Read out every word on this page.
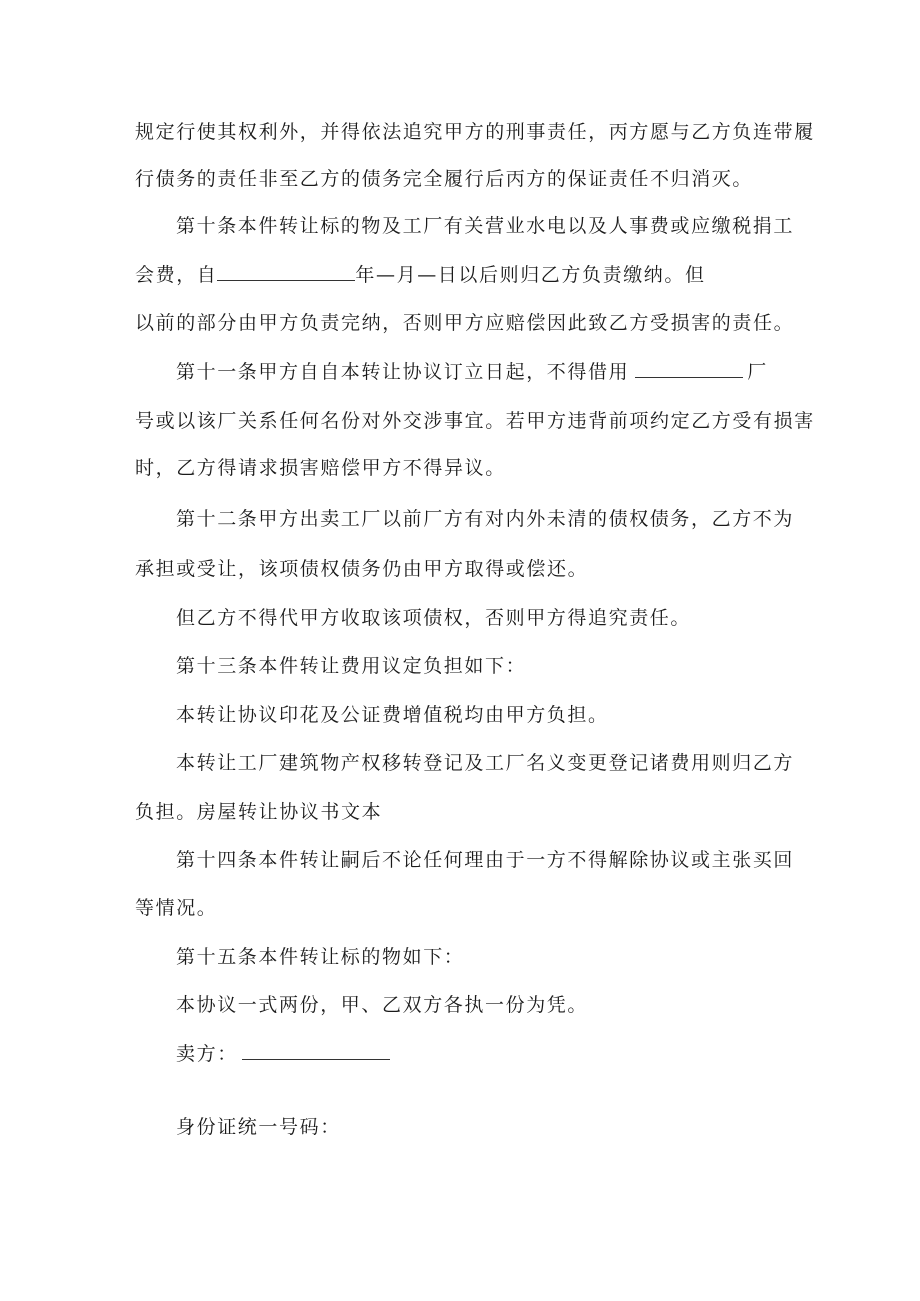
规定行使其权利外，并得依法追究甲方的刑事责任，丙方愿与乙方负连带履
行债务的责任非至乙方的债务完全履行后丙方的保证责任不归消灭。
第十条本件转让标的物及工厂有关营业水电以及人事费或应缴税捐工
会费，自	年—月—日以后则归乙方负责缴纳。但
以前的部分由甲方负责完纳，否则甲方应赔偿因此致乙方受损害的责任。
第十一条甲方自自本转让协议订立日起，不得借用	厂
号或以该厂关系任何名份对外交涉事宜。若甲方违背前项约定乙方受有损害
时，乙方得请求损害赔偿甲方不得异议。
第十二条甲方出卖工厂以前厂方有对内外未清的债权债务，乙方不为
承担或受让，该项债权债务仍由甲方取得或偿还。
但乙方不得代甲方收取该项债权，否则甲方得追究责任。
第十三条本件转让费用议定负担如下：
本转让协议印花及公证费增值税均由甲方负担。
本转让工厂建筑物产权移转登记及工厂名义变更登记诸费用则归乙方
负担。房屋转让协议书文本
第十四条本件转让嗣后不论任何理由于一方不得解除协议或主张买回
等情况。
第十五条本件转让标的物如下：
本协议一式两份，甲、乙双方各执一份为凭。
卖方：
身份证统一号码：
